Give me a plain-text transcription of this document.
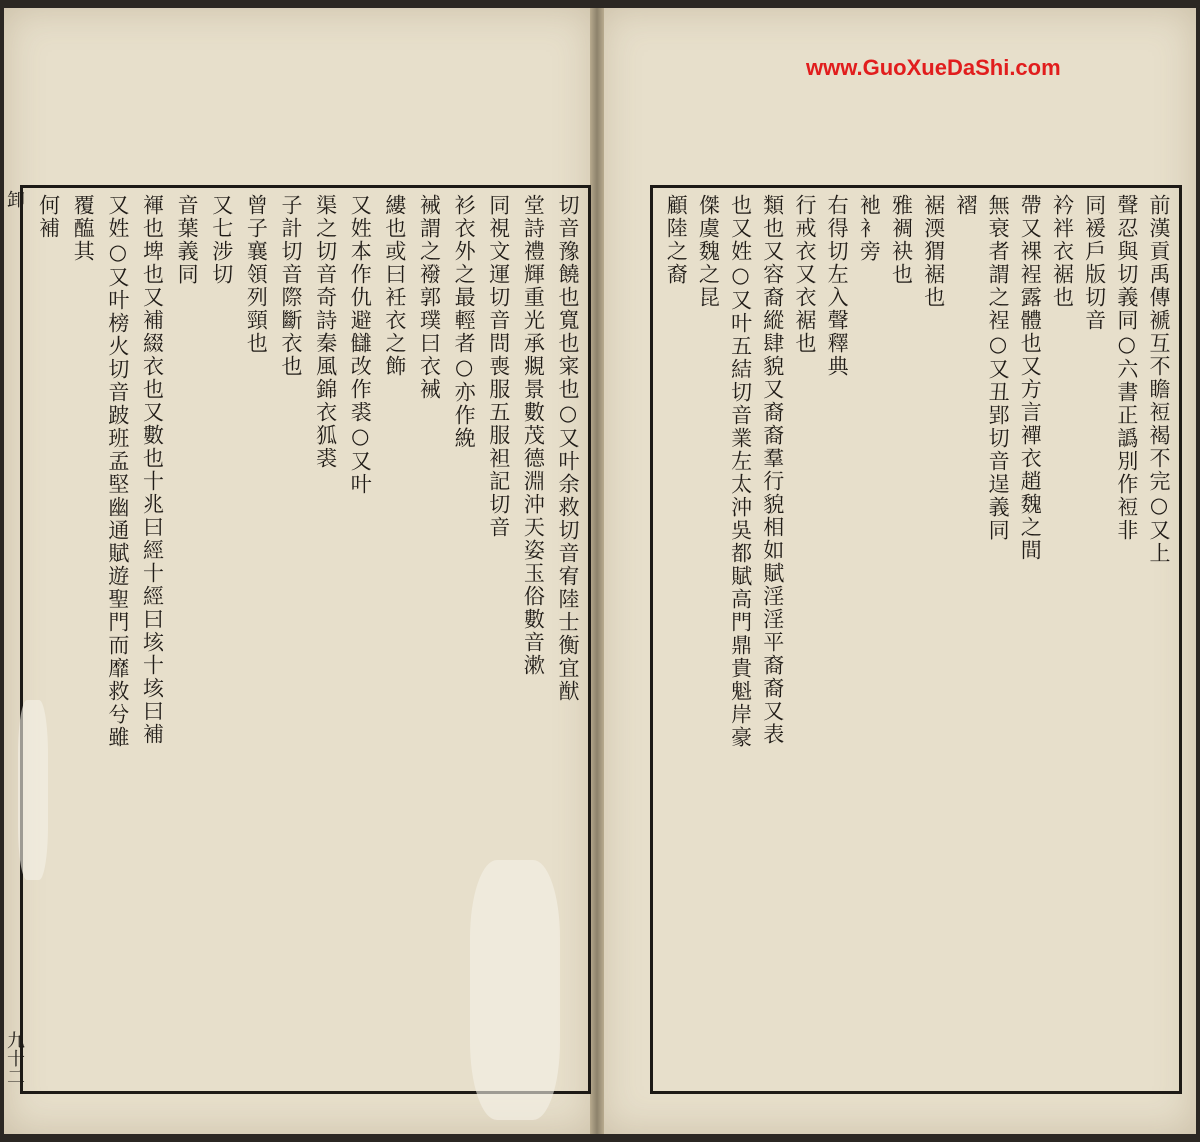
www.GuoXueDaShi.com
卸
九十二
切音豫饒也寬也寀也○又叶余救切音宥陸士衡宜猷
堂詩禮輝重光承覜景數茂德淵沖天姿玉俗數音漱
同視文運切音問喪服五服袒記切音
衫衣外之最輕者○亦作絻
裓謂之襏郭璞曰衣裓
縷也或曰衽衣之飾
又姓本作仇避讎改作裘○又叶
渠之切音奇詩秦風錦衣狐裘
子計切音際斷衣也
曾子襄領列頸也
又七涉切
音葉義同
褌也埤也又補綴衣也又數也十兆曰經十經曰垓十垓曰補
又姓○又叶榜火切音跛班孟堅幽通賦遊聖門而靡救兮雖
覆醢其
何補	前漢貢禹傳褫互不瞻裋褐不完○又上
聲忍與切義同○六書正譌別作裋非
同褑戶版切音
衿袢衣裾也
帶又裸裎露體也又方言襌衣趙魏之間
無衰者謂之裎○又丑郢切音逞義同
褶
裾渜猬裾也
雅裯袂也
衪衤旁
右得切左入聲釋典
行戒衣又衣裾也
類也又容裔縱肆貌又裔裔羣行貌相如賦淫淫平裔裔又表
也又姓○又叶五結切音業左太沖吳都賦高門鼎貴魁岸豪
傑虞魏之昆
顧陸之裔
